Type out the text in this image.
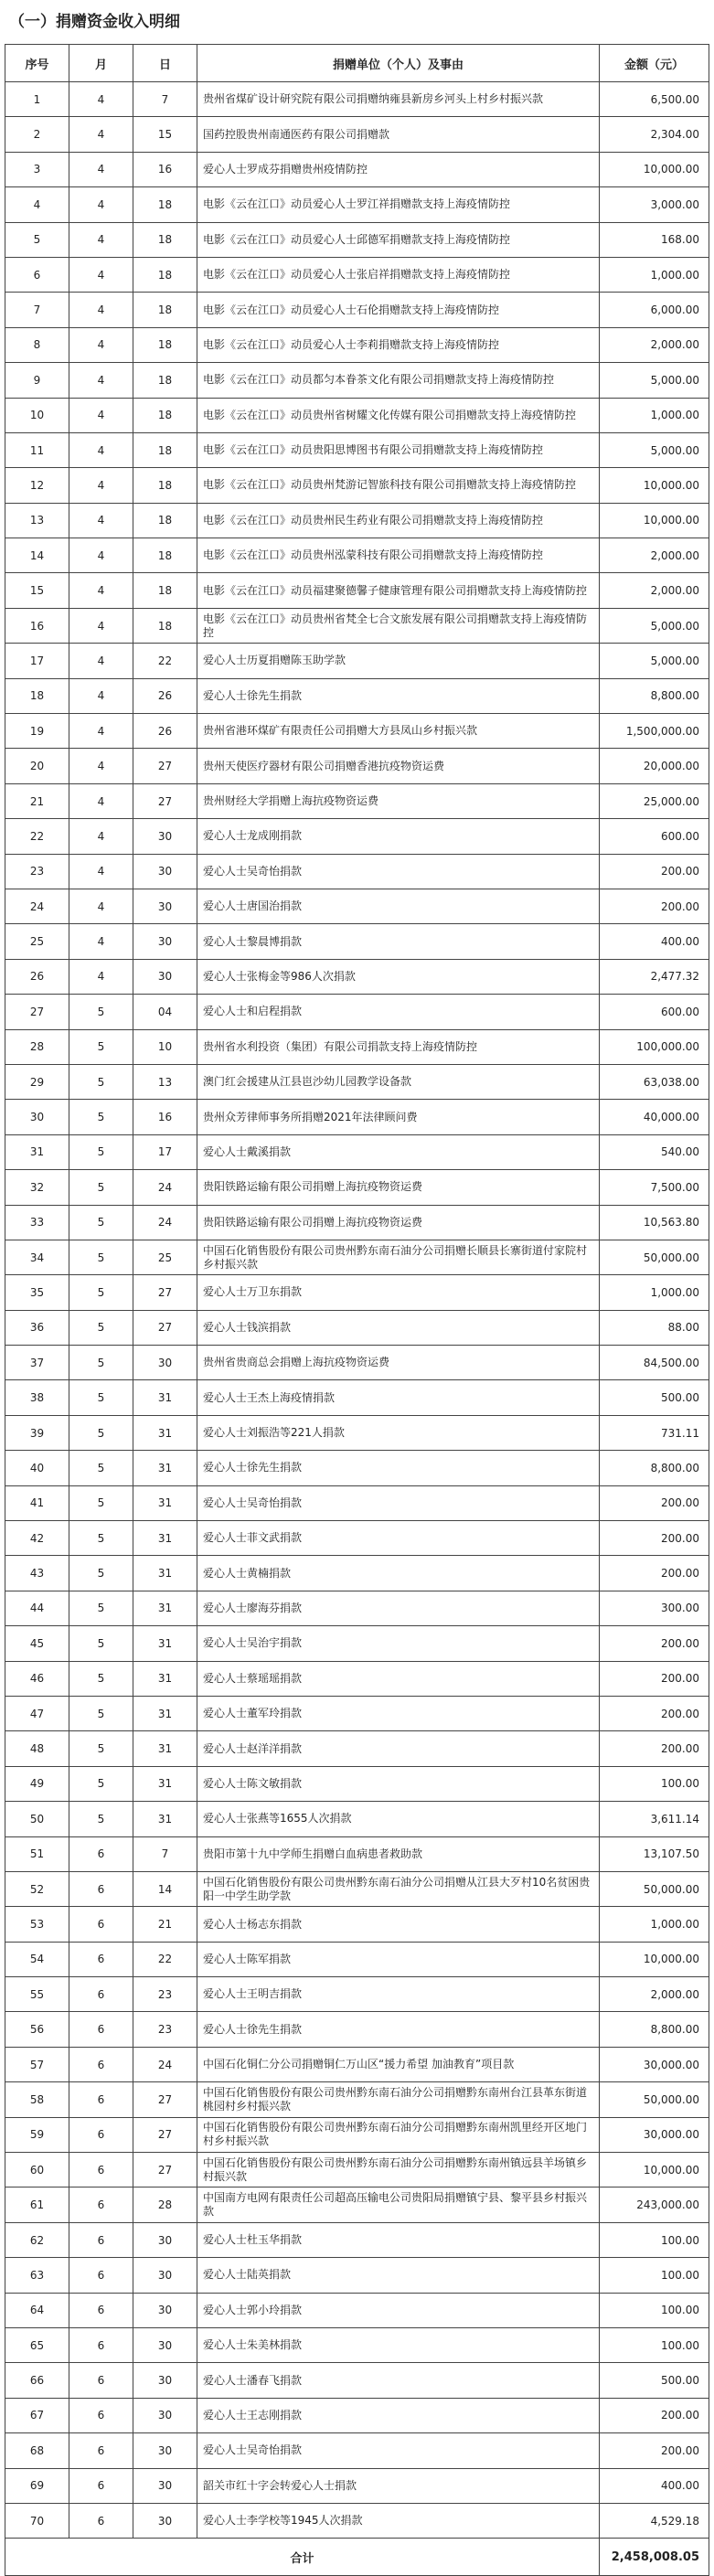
（一）捐赠资金收入明细
序号	月	日	捐赠单位（个人）及事由	金额（元）
1	4	7	贵州省煤矿设计研究院有限公司捐赠纳雍县新房乡河头上村乡村振兴款	6,500.00
2	4	15	国药控股贵州南通医药有限公司捐赠款	2,304.00
3	4	16	爱心人士罗成芬捐赠贵州疫情防控	10,000.00
4	4	18	电影《云在江口》动员爱心人士罗江祥捐赠款支持上海疫情防控	3,000.00
5	4	18	电影《云在江口》动员爱心人士邱德军捐赠款支持上海疫情防控	168.00
6	4	18	电影《云在江口》动员爱心人士张启祥捐赠款支持上海疫情防控	1,000.00
7	4	18	电影《云在江口》动员爱心人士石伦捐赠款支持上海疫情防控	6,000.00
8	4	18	电影《云在江口》动员爱心人士李莉捐赠款支持上海疫情防控	2,000.00
9	4	18	电影《云在江口》动员都匀本眷茶文化有限公司捐赠款支持上海疫情防控	5,000.00
10	4	18	电影《云在江口》动员贵州省树耀文化传媒有限公司捐赠款支持上海疫情防控	1,000.00
11	4	18	电影《云在江口》动员贵阳思博图书有限公司捐赠款支持上海疫情防控	5,000.00
12	4	18	电影《云在江口》动员贵州梵游记智旅科技有限公司捐赠款支持上海疫情防控	10,000.00
13	4	18	电影《云在江口》动员贵州民生药业有限公司捐赠款支持上海疫情防控	10,000.00
14	4	18	电影《云在江口》动员贵州泓蒙科技有限公司捐赠款支持上海疫情防控	2,000.00
15	4	18	电影《云在江口》动员福建聚德馨子健康管理有限公司捐赠款支持上海疫情防控	2,000.00
16	4	18	电影《云在江口》动员贵州省梵全七合文旅发展有限公司捐赠款支持上海疫情防控	5,000.00
17	4	22	爱心人士历夏捐赠陈玉助学款	5,000.00
18	4	26	爱心人士徐先生捐款	8,800.00
19	4	26	贵州省港环煤矿有限责任公司捐赠大方县凤山乡村振兴款	1,500,000.00
20	4	27	贵州天使医疗器材有限公司捐赠香港抗疫物资运费	20,000.00
21	4	27	贵州财经大学捐赠上海抗疫物资运费	25,000.00
22	4	30	爱心人士龙成刚捐款	600.00
23	4	30	爱心人士吴奇怡捐款	200.00
24	4	30	爱心人士唐国治捐款	200.00
25	4	30	爱心人士黎晨博捐款	400.00
26	4	30	爱心人士张梅金等986人次捐款	2,477.32
27	5	04	爱心人士和启程捐款	600.00
28	5	10	贵州省水利投资（集团）有限公司捐款支持上海疫情防控	100,000.00
29	5	13	澳门红会援建从江县岜沙幼儿园教学设备款	63,038.00
30	5	16	贵州众芳律师事务所捐赠2021年法律顾问费	40,000.00
31	5	17	爱心人士戴溪捐款	540.00
32	5	24	贵阳铁路运输有限公司捐赠上海抗疫物资运费	7,500.00
33	5	24	贵阳铁路运输有限公司捐赠上海抗疫物资运费	10,563.80
34	5	25	中国石化销售股份有限公司贵州黔东南石油分公司捐赠长顺县长寨街道付家院村乡村振兴款	50,000.00
35	5	27	爱心人士万卫东捐款	1,000.00
36	5	27	爱心人士钱滨捐款	88.00
37	5	30	贵州省贵商总会捐赠上海抗疫物资运费	84,500.00
38	5	31	爱心人士王杰上海疫情捐款	500.00
39	5	31	爱心人士刘振浩等221人捐款	731.11
40	5	31	爱心人士徐先生捐款	8,800.00
41	5	31	爱心人士吴奇怡捐款	200.00
42	5	31	爱心人士菲文武捐款	200.00
43	5	31	爱心人士黄楠捐款	200.00
44	5	31	爱心人士廖海芬捐款	300.00
45	5	31	爱心人士吴治宇捐款	200.00
46	5	31	爱心人士蔡瑶瑶捐款	200.00
47	5	31	爱心人士董军玲捐款	200.00
48	5	31	爱心人士赵洋洋捐款	200.00
49	5	31	爱心人士陈文敏捐款	100.00
50	5	31	爱心人士张燕等1655人次捐款	3,611.14
51	6	7	贵阳市第十九中学师生捐赠白血病患者救助款	13,107.50
52	6	14	中国石化销售股份有限公司贵州黔东南石油分公司捐赠从江县大歹村10名贫困贵阳一中学生助学款	50,000.00
53	6	21	爱心人士杨志东捐款	1,000.00
54	6	22	爱心人士陈军捐款	10,000.00
55	6	23	爱心人士王明吉捐款	2,000.00
56	6	23	爱心人士徐先生捐款	8,800.00
57	6	24	中国石化铜仁分公司捐赠铜仁万山区“援力希望 加油教育”项目款	30,000.00
58	6	27	中国石化销售股份有限公司贵州黔东南石油分公司捐赠黔东南州台江县革东街道桃园村乡村振兴款	50,000.00
59	6	27	中国石化销售股份有限公司贵州黔东南石油分公司捐赠黔东南州凯里经开区地门村乡村振兴款	30,000.00
60	6	27	中国石化销售股份有限公司贵州黔东南石油分公司捐赠黔东南州镇远县羊场镇乡村振兴款	10,000.00
61	6	28	中国南方电网有限责任公司超高压输电公司贵阳局捐赠镇宁县、黎平县乡村振兴款	243,000.00
62	6	30	爱心人士杜玉华捐款	100.00
63	6	30	爱心人士陆英捐款	100.00
64	6	30	爱心人士郭小玲捐款	100.00
65	6	30	爱心人士朱美林捐款	100.00
66	6	30	爱心人士潘春飞捐款	500.00
67	6	30	爱心人士王志刚捐款	200.00
68	6	30	爱心人士吴奇怡捐款	200.00
69	6	30	韶关市红十字会转爱心人士捐款	400.00
70	6	30	爱心人士李学校等1945人次捐款	4,529.18
合计				2,458,008.05
